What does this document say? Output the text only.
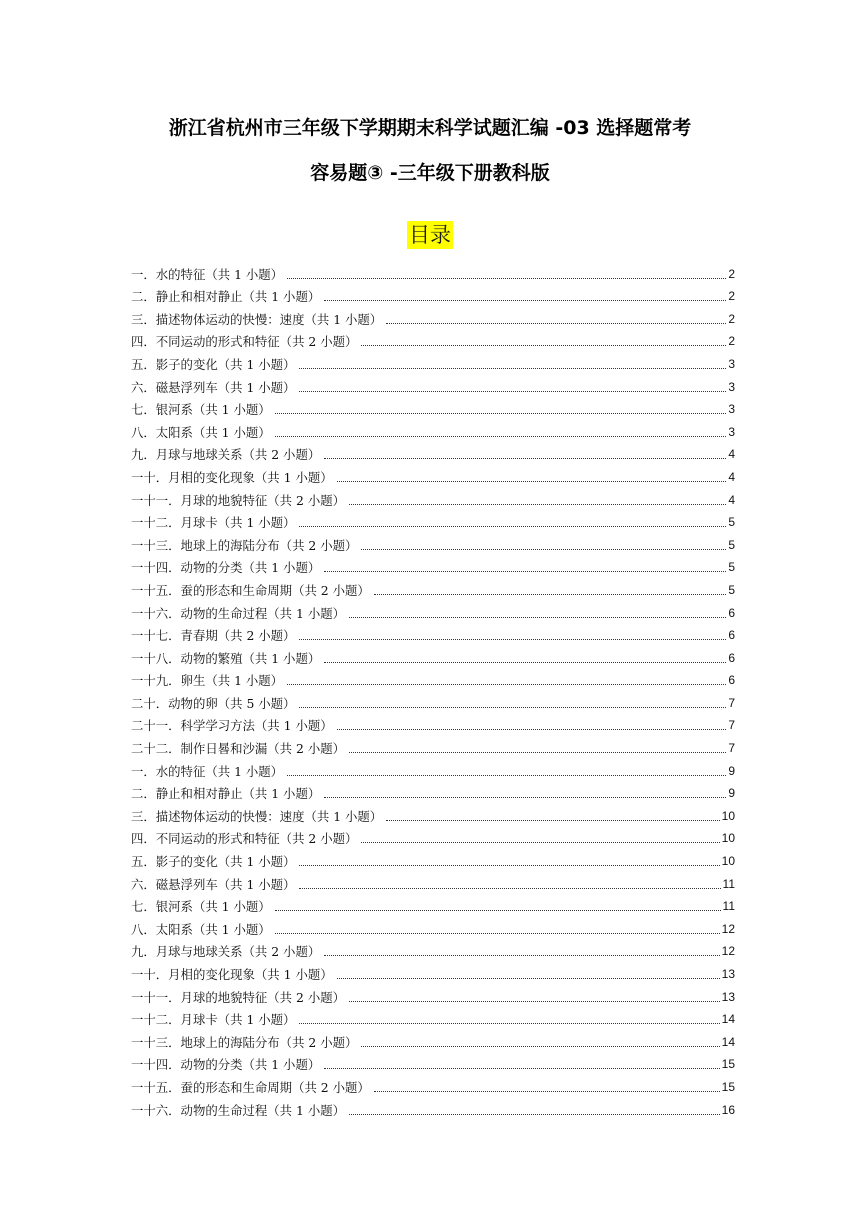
浙江省杭州市三年级下学期期末科学试题汇编 -03 选择题常考
容易题③ -三年级下册教科版
目录
一．水的特征（共 1 小题）	2
二．静止和相对静止（共 1 小题）	2
三．描述物体运动的快慢：速度（共 1 小题）	2
四．不同运动的形式和特征（共 2 小题）	2
五．影子的变化（共 1 小题）	3
六．磁悬浮列车（共 1 小题）	3
七．银河系（共 1 小题）	3
八．太阳系（共 1 小题）	3
九．月球与地球关系（共 2 小题）	4
一十．月相的变化现象（共 1 小题）	4
一十一．月球的地貌特征（共 2 小题）	4
一十二．月球卡（共 1 小题）	5
一十三．地球上的海陆分布（共 2 小题）	5
一十四．动物的分类（共 1 小题）	5
一十五．蚕的形态和生命周期（共 2 小题）	5
一十六．动物的生命过程（共 1 小题）	6
一十七．青春期（共 2 小题）	6
一十八．动物的繁殖（共 1 小题）	6
一十九．卵生（共 1 小题）	6
二十．动物的卵（共 5 小题）	7
二十一．科学学习方法（共 1 小题）	7
二十二．制作日晷和沙漏（共 2 小题）	7
一．水的特征（共 1 小题）	9
二．静止和相对静止（共 1 小题）	9
三．描述物体运动的快慢：速度（共 1 小题）	10
四．不同运动的形式和特征（共 2 小题）	10
五．影子的变化（共 1 小题）	10
六．磁悬浮列车（共 1 小题）	11
七．银河系（共 1 小题）	11
八．太阳系（共 1 小题）	12
九．月球与地球关系（共 2 小题）	12
一十．月相的变化现象（共 1 小题）	13
一十一．月球的地貌特征（共 2 小题）	13
一十二．月球卡（共 1 小题）	14
一十三．地球上的海陆分布（共 2 小题）	14
一十四．动物的分类（共 1 小题）	15
一十五．蚕的形态和生命周期（共 2 小题）	15
一十六．动物的生命过程（共 1 小题）	16
